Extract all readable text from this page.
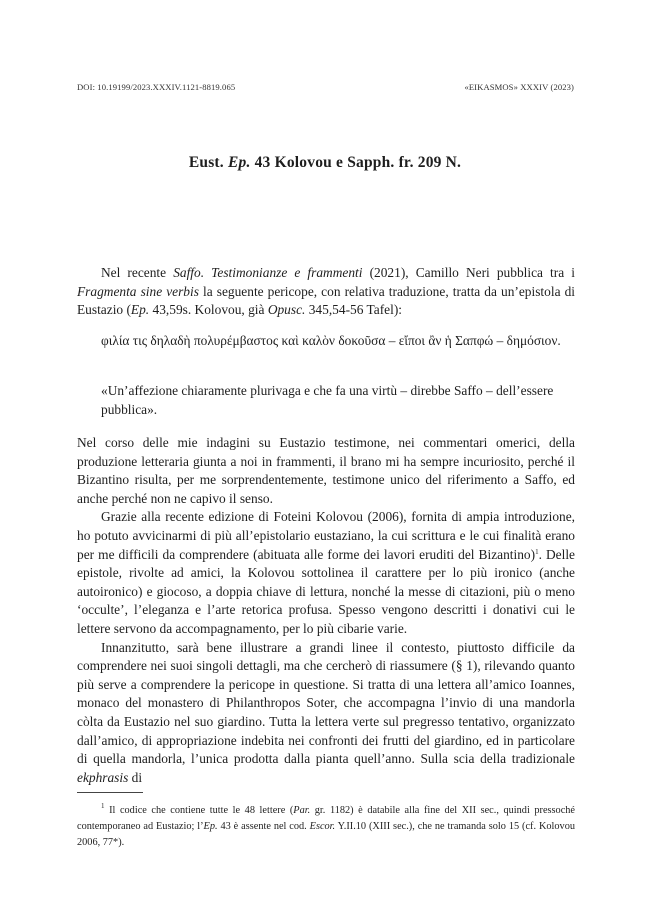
DOI: 10.19199/2023.XXXIV.1121-8819.065	«EIKASMOS» XXXIV (2023)
Eust. Ep. 43 Kolovou e Sapph. fr. 209 N.

Nel recente Saffo. Testimonianze e frammenti (2021), Camillo Neri pubblica tra i Fragmenta sine verbis la seguente pericope, con relativa traduzione, tratta da un’epistola di Eustazio (Ep. 43,59s. Kolovou, già Opusc. 345,54-56 Tafel):

φιλία τις δηλαδὴ πολυρέμβαστος καὶ καλὸν δοκοῦσα – εἴποι ἂν ἡ Σαπφώ – δημόσιον.
«Un’affezione chiaramente plurivaga e che fa una virtù – direbbe Saffo – dell’essere pubblica».

Nel corso delle mie indagini su Eustazio testimone, nei commentari omerici, della produzione letteraria giunta a noi in frammenti, il brano mi ha sempre incuriosito, perché il Bizantino risulta, per me sorprendentemente, testimone unico del riferimento a Saffo, ed anche perché non ne capivo il senso.

Grazie alla recente edizione di Foteini Kolovou (2006), fornita di ampia introduzione, ho potuto avvicinarmi di più all’epistolario eustaziano, la cui scrittura e le cui finalità erano per me difficili da comprendere (abituata alle forme dei lavori eruditi del Bizantino)$^1$. Delle epistole, rivolte ad amici, la Kolovou sottolinea il carattere per lo più ironico (anche autoironico) e giocoso, a doppia chiave di lettura, nonché la messe di citazioni, più o meno ‘occulte’, l’eleganza e l’arte retorica profusa. Spesso vengono descritti i donativi cui le lettere servono da accompagnamento, per lo più cibarie varie.

Innanzitutto, sarà bene illustrare a grandi linee il contesto, piuttosto difficile da comprendere nei suoi singoli dettagli, ma che cercherò di riassumere (§ 1), rilevando quanto più serve a comprendere la pericope in questione. Si tratta di una lettera all’amico Ioannes, monaco del monastero di Philanthropos Soter, che accompagna l’invio di una mandorla còlta da Eustazio nel suo giardino. Tutta la lettera verte sul pregresso tentativo, organizzato dall’amico, di appropriazione indebita nei confronti dei frutti del giardino, ed in particolare di quella mandorla, l’unica prodotta dalla pianta quell’anno. Sulla scia della tradizionale ekphrasis di

$^1$ Il codice che contiene tutte le 48 lettere (Par. gr. 1182) è databile alla fine del XII sec., quindi pressoché contemporaneo ad Eustazio; l’Ep. 43 è assente nel cod. Escor. Y.II.10 (XIII sec.), che ne tramanda solo 15 (cf. Kolovou 2006, 77*).
